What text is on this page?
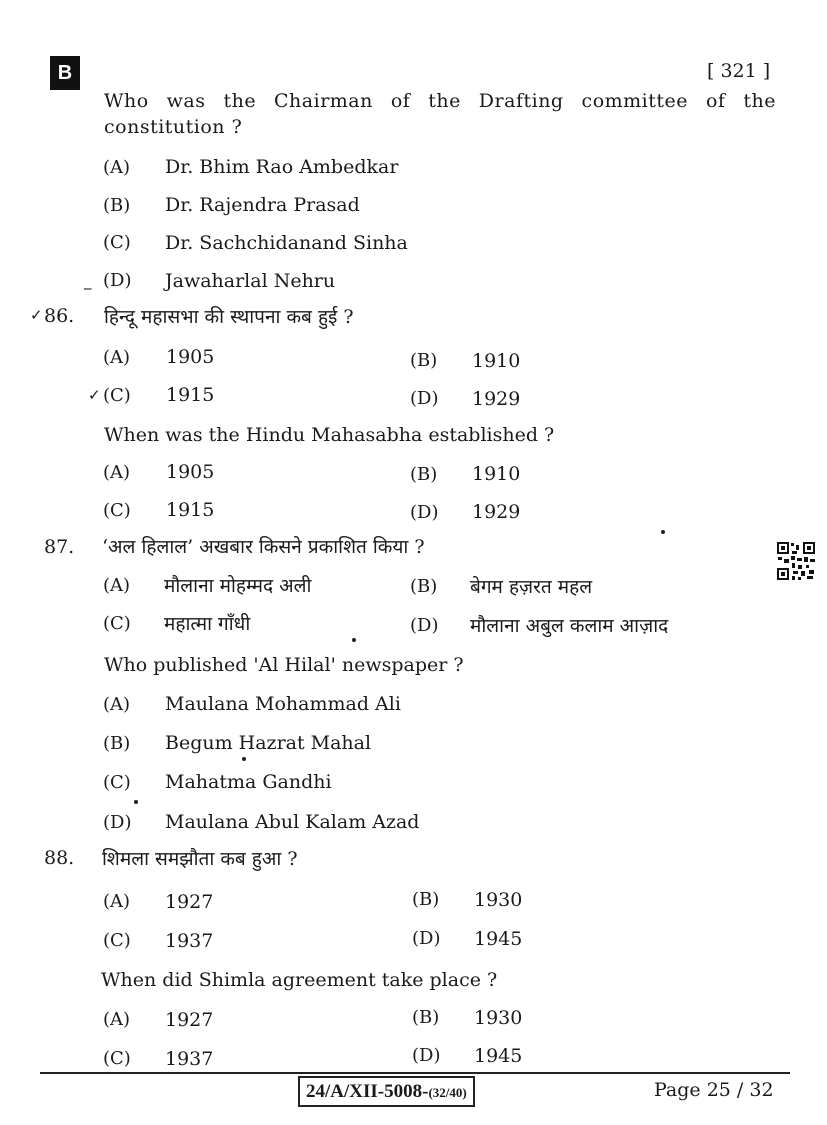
B	[ 321 ]
Who was the Chairman of the Drafting committee of the
constitution ?
(A) Dr. Bhim Rao Ambedkar
(B) Dr. Rajendra Prasad
(C) Dr. Sachchidanand Sinha
_ (D) Jawaharlal Nehru
✓ 86. हिन्दू महासभा की स्थापना कब हुई ?
(A) 1905	(B) 1910
✓ (C) 1915	(D) 1929
When was the Hindu Mahasabha established ?
(A) 1905	(B) 1910
(C) 1915	(D) 1929
87. ‘अल हिलाल’ अखबार किसने प्रकाशित किया ?
(A) मौलाना मोहम्मद अली	(B) बेगम हज़रत महल
(C) महात्मा गाँधी	(D) मौलाना अबुल कलाम आज़ाद
Who published 'Al Hilal' newspaper ?
(A) Maulana Mohammad Ali
(B) Begum Hazrat Mahal
(C) Mahatma Gandhi
(D) Maulana Abul Kalam Azad
88. शिमला समझौता कब हुआ ?
(A) 1927	(B) 1930
(C) 1937	(D) 1945
When did Shimla agreement take place ?
(A) 1927	(B) 1930
(C) 1937	(D) 1945
24/A/XII-5008-(32/40)	Page 25 / 32
